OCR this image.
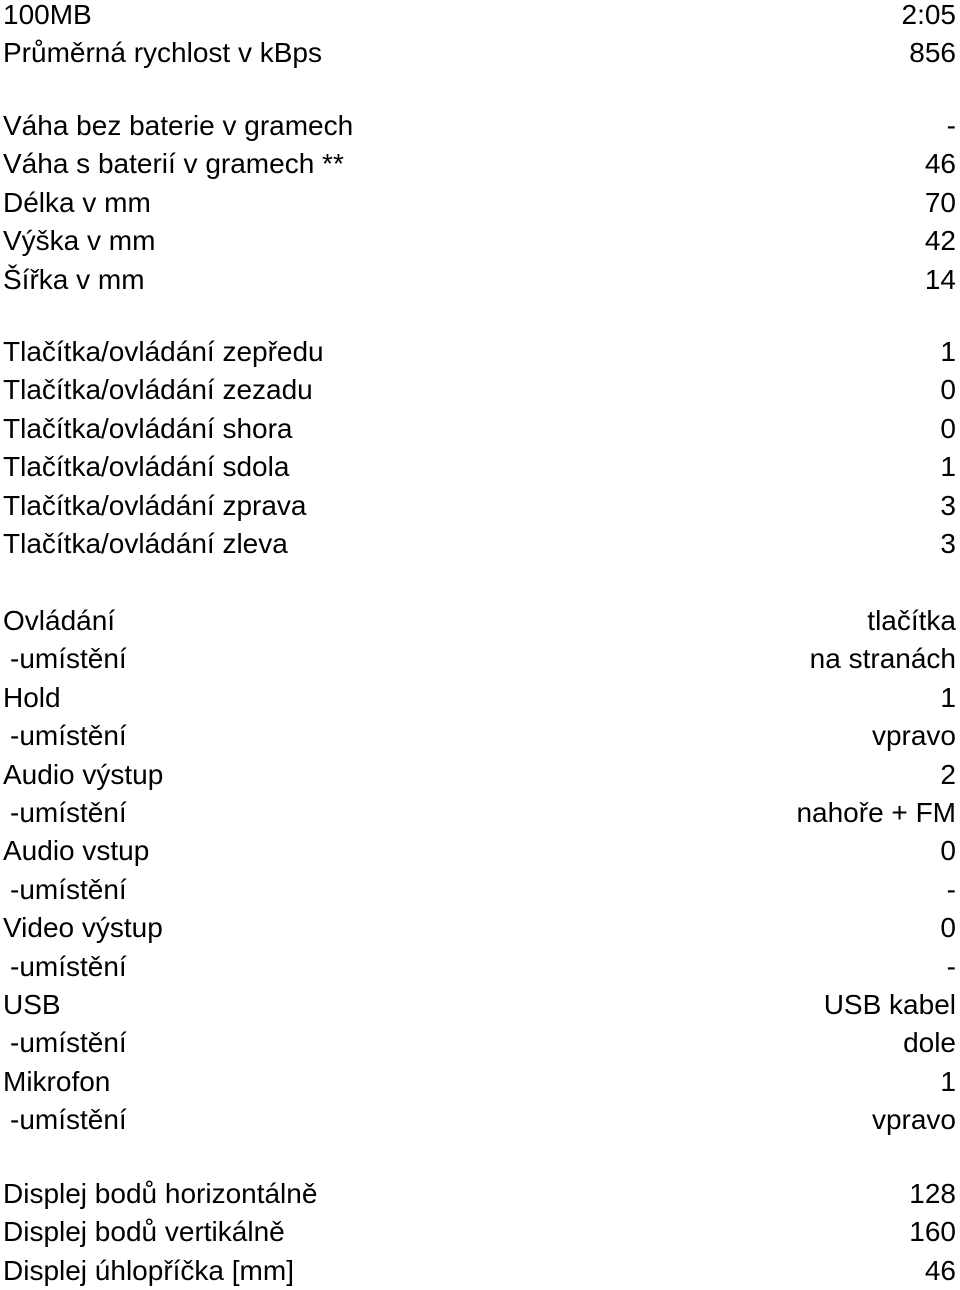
100MB	2:05
Průměrná rychlost v kBps	856
Váha bez baterie v gramech	-
Váha s baterií v gramech **	46
Délka v mm	70
Výška v mm	42
Šířka v mm	14
Tlačítka/ovládání zepředu	1
Tlačítka/ovládání zezadu	0
Tlačítka/ovládání shora	0
Tlačítka/ovládání sdola	1
Tlačítka/ovládání zprava	3
Tlačítka/ovládání zleva	3
Ovládání	tlačítka
-umístění	na stranách
Hold	1
-umístění	vpravo
Audio výstup	2
-umístění	nahoře + FM
Audio vstup	0
-umístění	-
Video výstup	0
-umístění	-
USB	USB kabel
-umístění	dole
Mikrofon	1
-umístění	vpravo
Displej bodů horizontálně	128
Displej bodů vertikálně	160
Displej úhlopříčka [mm]	46
